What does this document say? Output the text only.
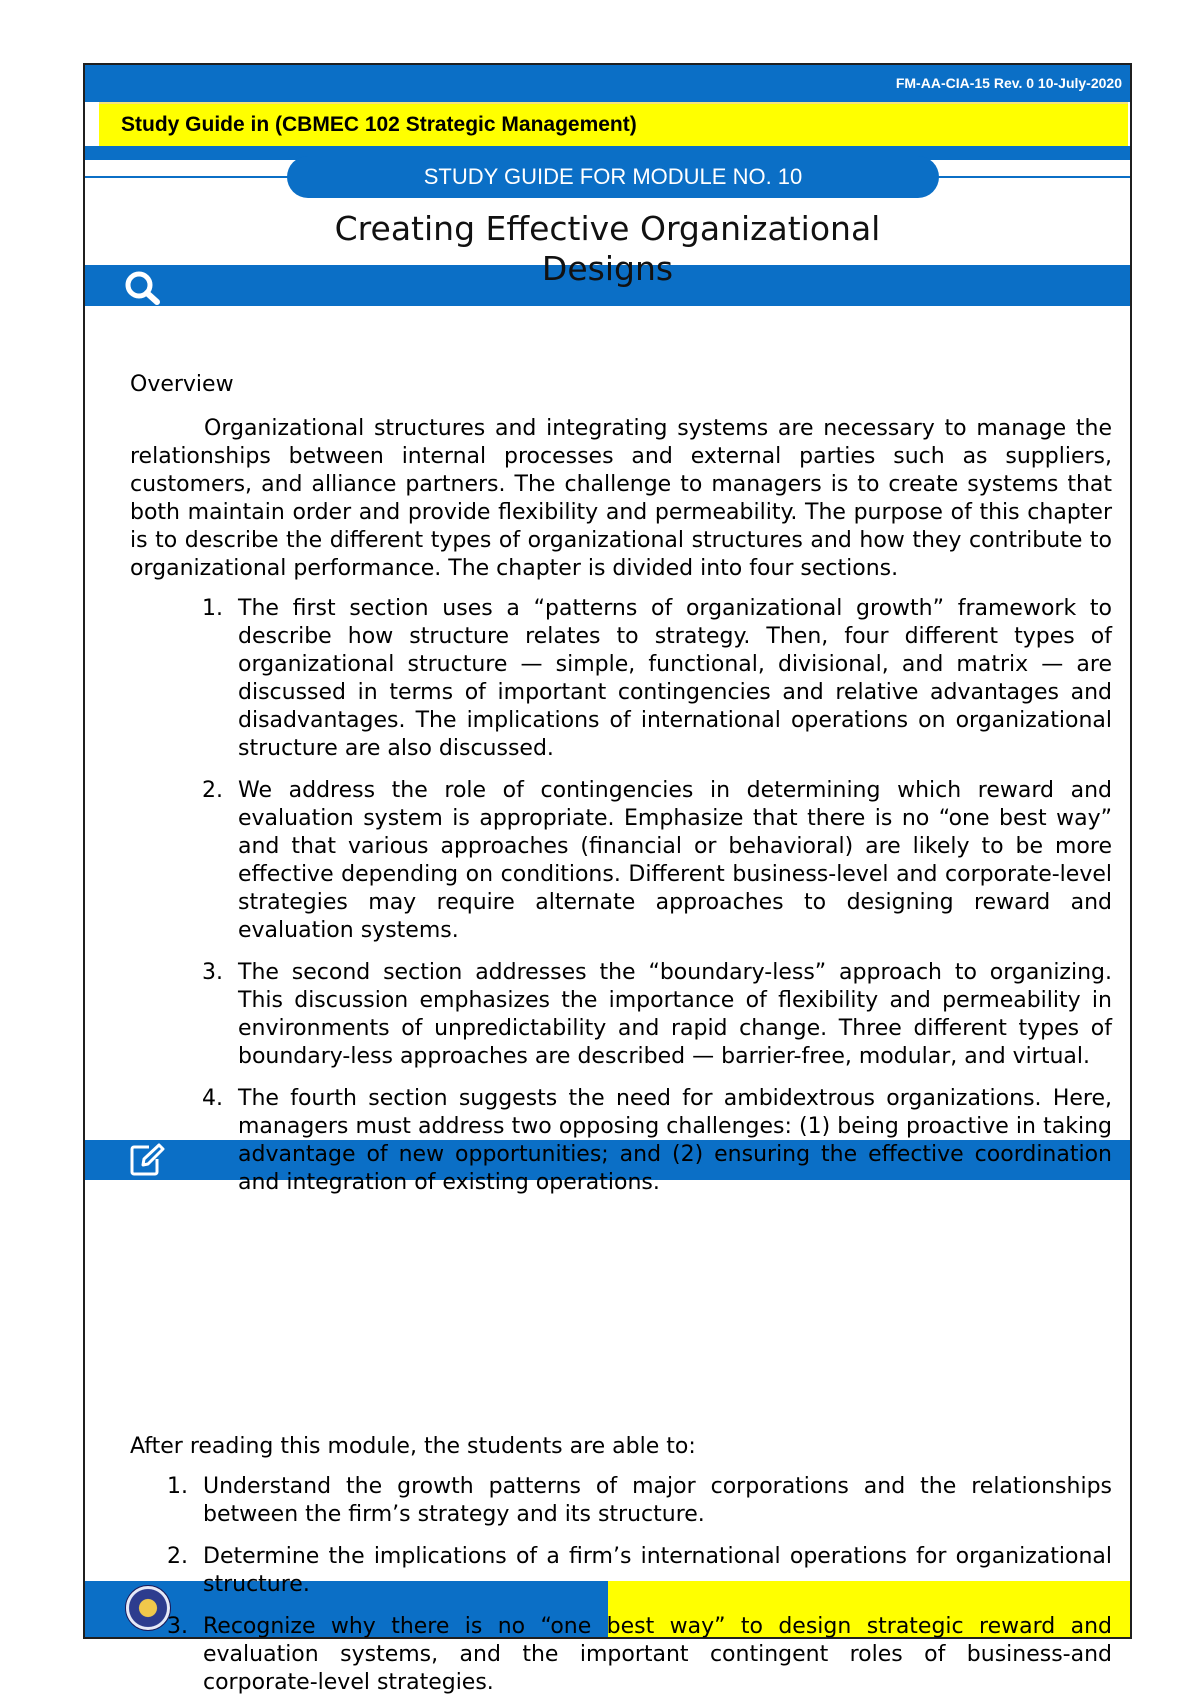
FM-AA-CIA-15 Rev. 0 10-July-2020
Study Guide in (CBMEC 102 Strategic Management)
STUDY GUIDE FOR MODULE NO. 10
Creating Effective Organizational
Designs
Overview

Organizational structures and integrating systems are necessary to manage the relationships between internal processes and external parties such as suppliers, customers, and alliance partners. The challenge to managers is to create systems that both maintain order and provide flexibility and permeability. The purpose of this chapter is to describe the different types of organizational structures and how they contribute to organizational performance. The chapter is divided into four sections.

1. The first section uses a “patterns of organizational growth” framework to describe how structure relates to strategy. Then, four different types of organizational structure — simple, functional, divisional, and matrix — are discussed in terms of important contingencies and relative advantages and disadvantages. The implications of international operations on organizational structure are also discussed.
2. We address the role of contingencies in determining which reward and evaluation system is appropriate. Emphasize that there is no “one best way” and that various approaches (financial or behavioral) are likely to be more effective depending on conditions. Different business-level and corporate-level strategies may require alternate approaches to designing reward and evaluation systems.
3. The second section addresses the “boundary-less” approach to organizing. This discussion emphasizes the importance of flexibility and permeability in environments of unpredictability and rapid change. Three different types of boundary-less approaches are described — barrier-free, modular, and virtual.
4. The fourth section suggests the need for ambidextrous organizations. Here, managers must address two opposing challenges: (1) being proactive in taking advantage of new opportunities; and (2) ensuring the effective coordination and integration of existing operations.
After reading this module, the students are able to:
1. Understand the growth patterns of major corporations and the relationships between the firm’s strategy and its structure.
2. Determine the implications of a firm’s international operations for organizational structure.
3. Recognize why there is no “one best way” to design strategic reward and evaluation systems, and the important contingent roles of business-and corporate-level strategies.
